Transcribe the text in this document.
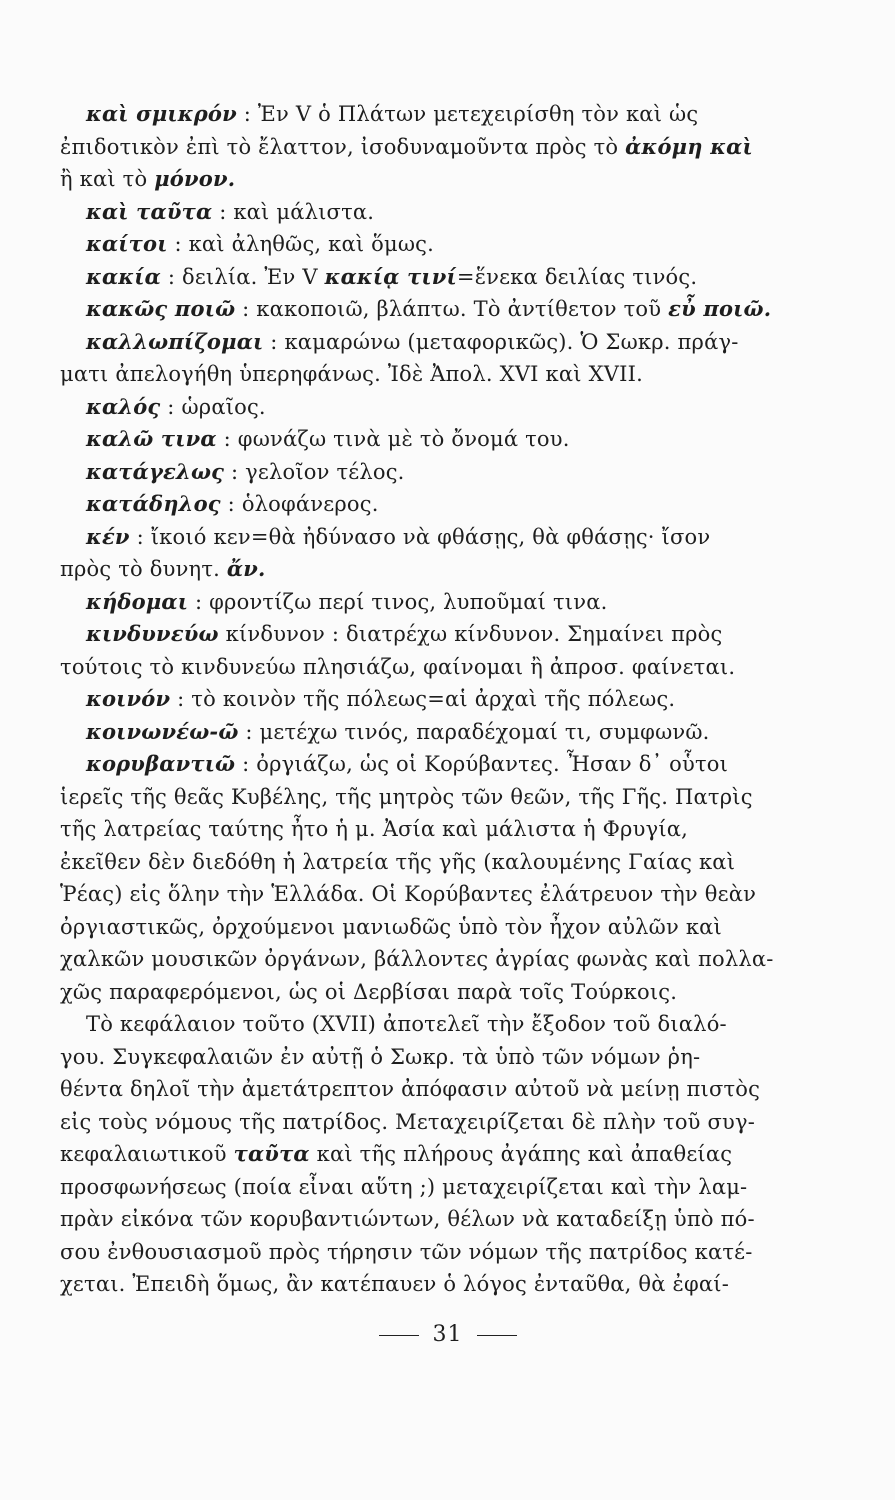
καὶ σμικρόν : Ἐν V ὁ Πλάτων μετεχειρίσθη τὸν καὶ ὡς
ἐπιδοτικὸν ἐπὶ τὸ ἔλαττον, ἰσοδυναμοῦντα πρὸς τὸ ἀκόμη καὶ
ἢ καὶ τὸ μόνον.
καὶ ταῦτα : καὶ μάλιστα.
καίτοι : καὶ ἀληθῶς, καὶ ὅμως.
κακία : δειλία. Ἐν V κακίᾳ τινί=ἕνεκα δειλίας τινός.
κακῶς ποιῶ : κακοποιῶ, βλάπτω. Τὸ ἀντίθετον τοῦ εὖ ποιῶ.
καλλωπίζομαι : καμαρώνω (μεταφορικῶς). Ὁ Σωκρ. πράγ-
ματι ἀπελογήθη ὑπερηφάνως. Ἰδὲ Ἀπολ. XVI καὶ XVII.
καλός : ὡραῖος.
καλῶ τινα : φωνάζω τινὰ μὲ τὸ ὄνομά του.
κατάγελως : γελοῖον τέλος.
κατάδηλος : ὁλοφάνερος.
κέν : ἴκοιό κεν=θὰ ἠδύνασο νὰ φθάσῃς, θὰ φθάσῃς· ἴσον
πρὸς τὸ δυνητ. ἄν.
κήδομαι : φροντίζω περί τινος, λυποῦμαί τινα.
κινδυνεύω κίνδυνον : διατρέχω κίνδυνον. Σημαίνει πρὸς
τούτοις τὸ κινδυνεύω πλησιάζω, φαίνομαι ἢ ἀπροσ. φαίνεται.
κοινόν : τὸ κοινὸν τῆς πόλεως=αἱ ἀρχαὶ τῆς πόλεως.
κοινωνέω-ῶ : μετέχω τινός, παραδέχομαί τι, συμφωνῶ.
κορυβαντιῶ : ὀργιάζω, ὡς οἱ Κορύβαντες. Ἦσαν δ᾽ οὗτοι
ἱερεῖς τῆς θεᾶς Κυβέλης, τῆς μητρὸς τῶν θεῶν, τῆς Γῆς. Πατρὶς
τῆς λατρείας ταύτης ἦτο ἡ μ. Ἀσία καὶ μάλιστα ἡ Φρυγία,
ἐκεῖθεν δὲν διεδόθη ἡ λατρεία τῆς γῆς (καλουμένης Γαίας καὶ
Ῥέας) εἰς ὅλην τὴν Ἑλλάδα. Οἱ Κορύβαντες ἐλάτρευον τὴν θεὰν
ὀργιαστικῶς, ὀρχούμενοι μανιωδῶς ὑπὸ τὸν ἦχον αὐλῶν καὶ
χαλκῶν μουσικῶν ὀργάνων, βάλλοντες ἀγρίας φωνὰς καὶ πολλα-
χῶς παραφερόμενοι, ὡς οἱ Δερβίσαι παρὰ τοῖς Τούρκοις.
Τὸ κεφάλαιον τοῦτο (XVII) ἀποτελεῖ τὴν ἔξοδον τοῦ διαλό-
γου. Συγκεφαλαιῶν ἐν αὐτῇ ὁ Σωκρ. τὰ ὑπὸ τῶν νόμων ῥη-
θέντα δηλοῖ τὴν ἀμετάτρεπτον ἀπόφασιν αὐτοῦ νὰ μείνῃ πιστὸς
εἰς τοὺς νόμους τῆς πατρίδος. Μεταχειρίζεται δὲ πλὴν τοῦ συγ-
κεφαλαιωτικοῦ ταῦτα καὶ τῆς πλήρους ἀγάπης καὶ ἀπαθείας
προσφωνήσεως (ποία εἶναι αὕτη ;) μεταχειρίζεται καὶ τὴν λαμ-
πρὰν εἰκόνα τῶν κορυβαντιώντων, θέλων νὰ καταδείξῃ ὑπὸ πό-
σου ἐνθουσιασμοῦ πρὸς τήρησιν τῶν νόμων τῆς πατρίδος κατέ-
χεται. Ἐπειδὴ ὅμως, ἂν κατέπαυεν ὁ λόγος ἐνταῦθα, θὰ ἐφαί-
31
